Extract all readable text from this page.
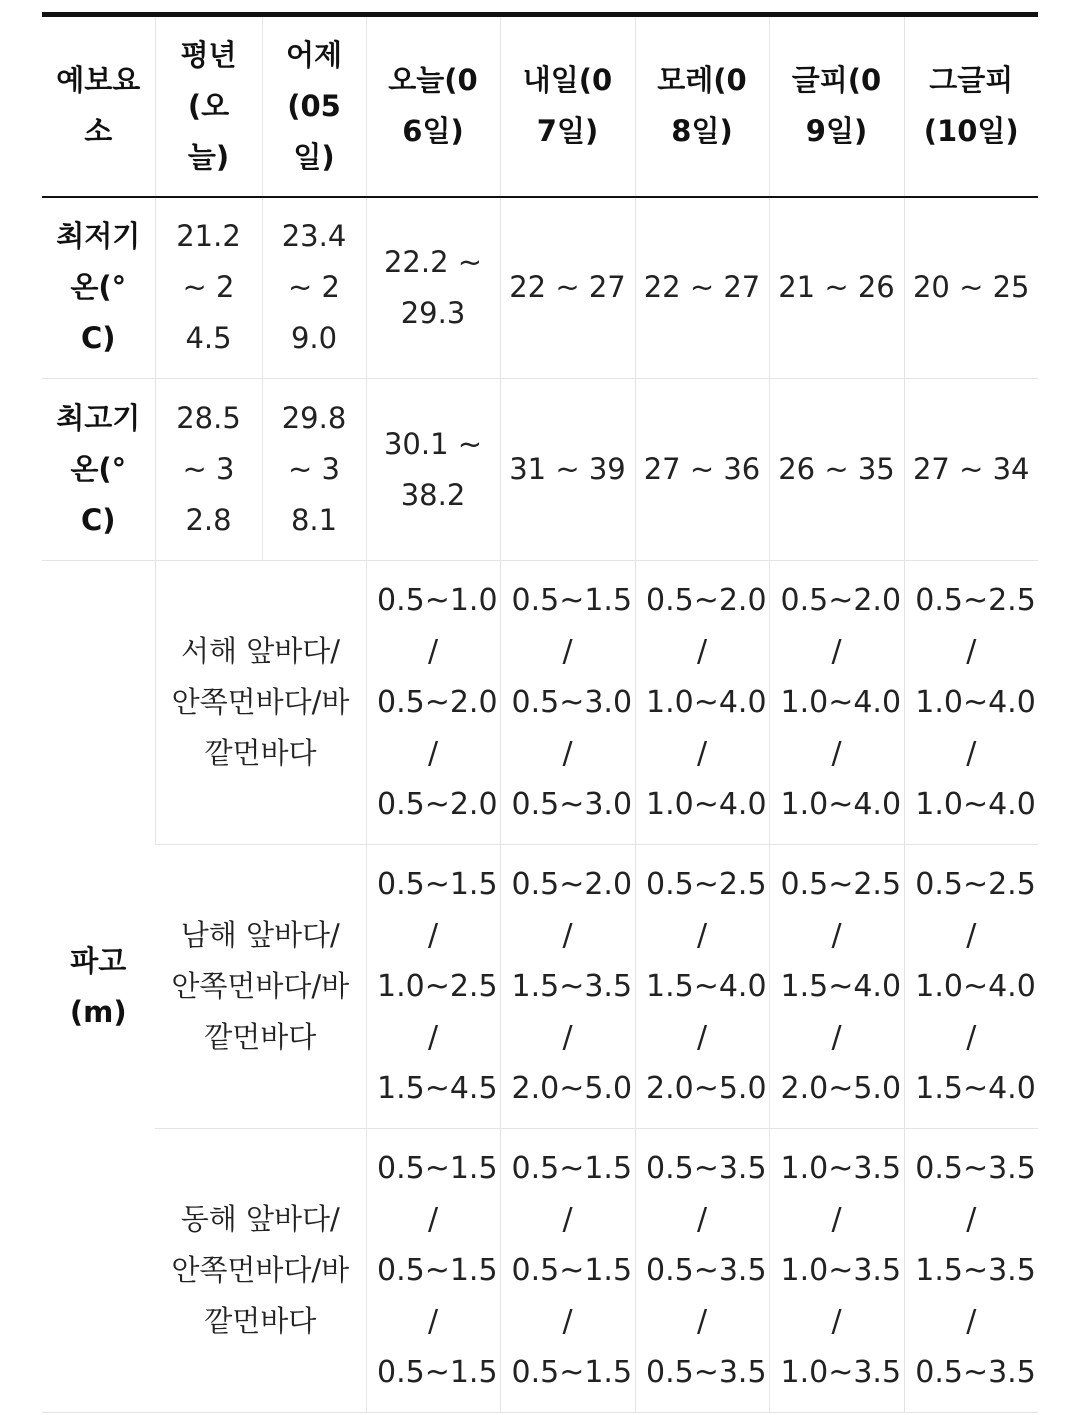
예보요소	평년(오늘)	어제(05일)	오늘(06일)	내일(07일)	모레(08일)	글피(09일)	그글피(10일)
최저기온(°C)	21.2 ~ 24.5	23.4 ~ 29.0	22.2 ~ 29.3	22 ~ 27	22 ~ 27	21 ~ 26	20 ~ 25
최고기온(°C)	28.5 ~ 32.8	29.8 ~ 38.1	30.1 ~ 38.2	31 ~ 39	27 ~ 36	26 ~ 35	27 ~ 34
파고(m)	서해 앞바다/안쪽먼바다/바깥먼바다		0.5~1.0 / 0.5~2.0 / 0.5~2.0	0.5~1.5 / 0.5~3.0 / 0.5~3.0	0.5~2.0 / 1.0~4.0 / 1.0~4.0	0.5~2.0 / 1.0~4.0 / 1.0~4.0	0.5~2.5 / 1.0~4.0 / 1.0~4.0
	남해 앞바다/안쪽먼바다/바깥먼바다		0.5~1.5 / 1.0~2.5 / 1.5~4.5	0.5~2.0 / 1.5~3.5 / 2.0~5.0	0.5~2.5 / 1.5~4.0 / 2.0~5.0	0.5~2.5 / 1.5~4.0 / 2.0~5.0	0.5~2.5 / 1.0~4.0 / 1.5~4.0
	동해 앞바다/안쪽먼바다/바깥먼바다		0.5~1.5 / 0.5~1.5 / 0.5~1.5	0.5~1.5 / 0.5~1.5 / 0.5~1.5	0.5~3.5 / 0.5~3.5 / 0.5~3.5	1.0~3.5 / 1.0~3.5 / 1.0~3.5	0.5~3.5 / 1.5~3.5 / 0.5~3.5
